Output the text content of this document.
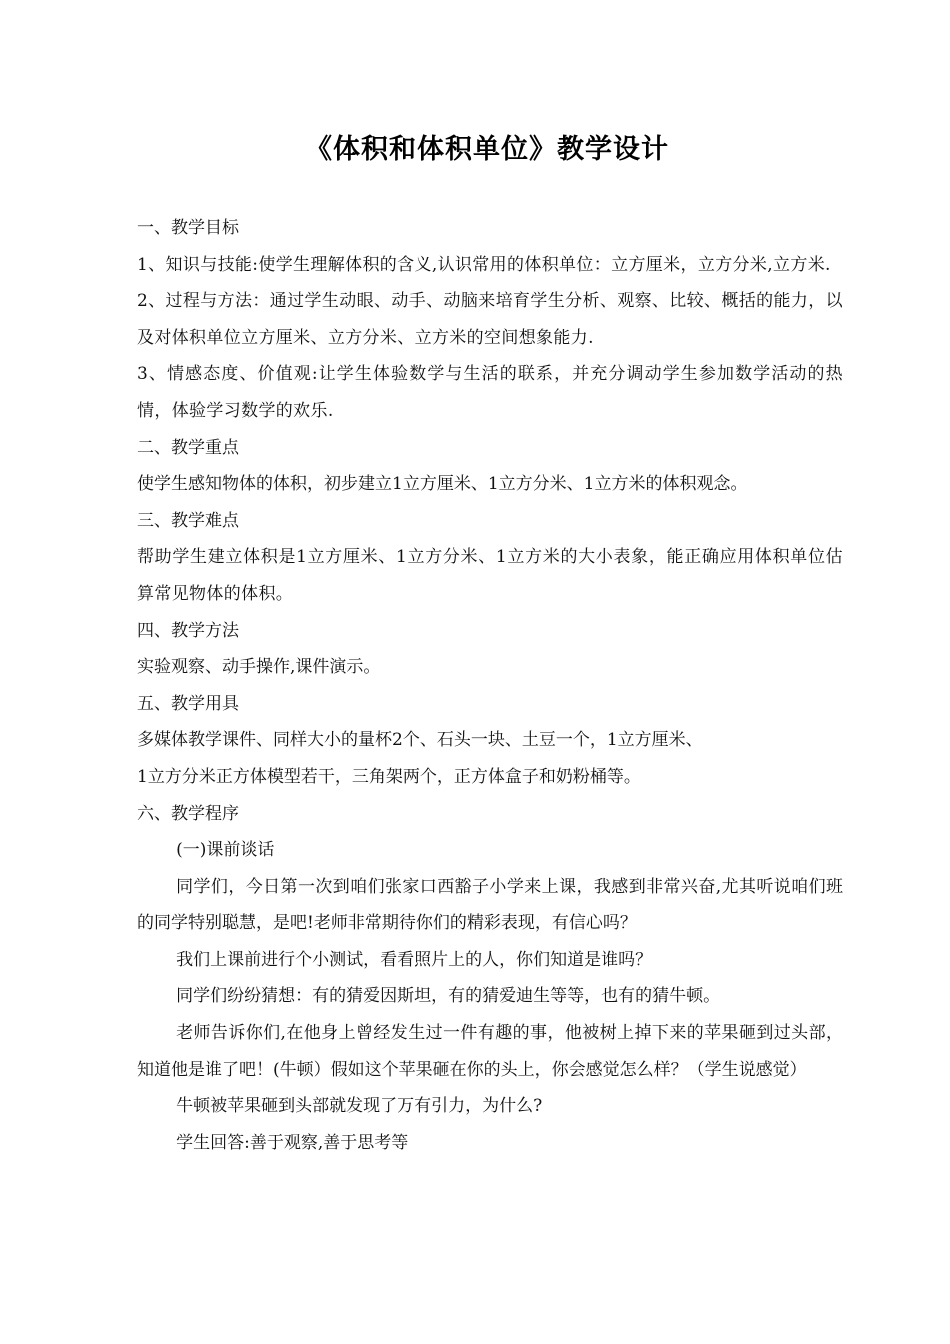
《体积和体积单位》教学设计

一、教学目标

1、知识与技能:使学生理解体积的含义,认识常用的体积单位：立方厘米，立方分米,立方米.

2、过程与方法：通过学生动眼、动手、动脑来培育学生分析、观察、比较、概括的能力，以及对体积单位立方厘米、立方分米、立方米的空间想象能力.

3、情感态度、价值观:让学生体验数学与生活的联系，并充分调动学生参加数学活动的热情，体验学习数学的欢乐.

二、教学重点

使学生感知物体的体积，初步建立1立方厘米、1立方分米、1立方米的体积观念。

三、教学难点

帮助学生建立体积是1立方厘米、1立方分米、1立方米的大小表象，能正确应用体积单位估算常见物体的体积。

四、教学方法

实验观察、动手操作,课件演示。

五、教学用具

多媒体教学课件、同样大小的量杯2个、石头一块、土豆一个，1立方厘米、

1立方分米正方体模型若干，三角架两个，正方体盒子和奶粉桶等。

六、教学程序

(一)课前谈话

同学们，今日第一次到咱们张家口西豁子小学来上课，我感到非常兴奋,尤其听说咱们班的同学特别聪慧，是吧!老师非常期待你们的精彩表现，有信心吗？

我们上课前进行个小测试，看看照片上的人，你们知道是谁吗？

同学们纷纷猜想：有的猜爱因斯坦，有的猜爱迪生等等，也有的猜牛顿。

老师告诉你们,在他身上曾经发生过一件有趣的事，他被树上掉下来的苹果砸到过头部，知道他是谁了吧！(牛顿）假如这个苹果砸在你的头上，你会感觉怎么样？（学生说感觉）

牛顿被苹果砸到头部就发现了万有引力，为什么?

学生回答:善于观察,善于思考等
